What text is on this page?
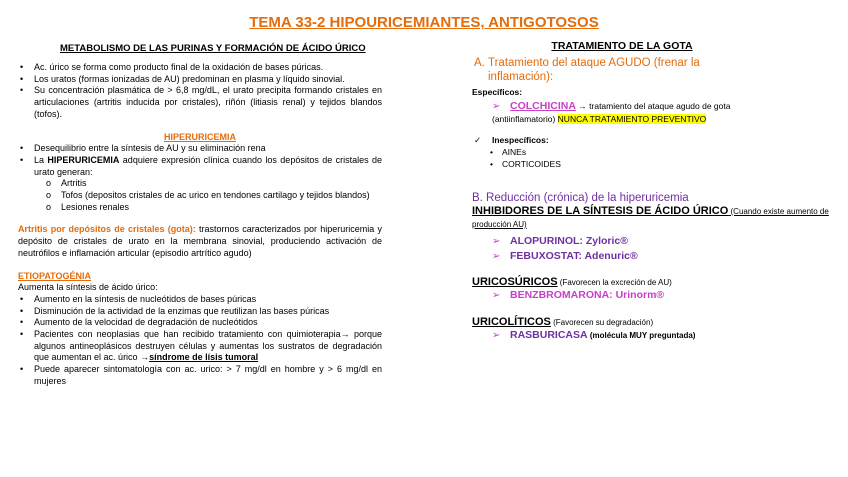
TEMA 33-2 HIPOURICEMIANTES, ANTIGOTOSOS
METABOLISMO DE LAS PURINAS Y FORMACIÓN DE ÁCIDO ÚRICO
• Ac. úrico se forma como producto final de la oxidación de bases púricas.
• Los uratos (formas ionizadas de AU) predominan en plasma y líquido sinovial.
• Su concentración plasmática de > 6,8 mg/dL, el urato precipita formando cristales en articulaciones (artritis inducida por cristales), riñón (litiasis renal) y tejidos blandos (tofos).

HIPERURICEMIA

• Desequilibrio entre la síntesis de AU y su eliminación rena
• La HIPERURICEMIA adquiere expresión clínica cuando los depósitos de cristales de urato generan:
o Artritis
o Tofos (depositos cristales de ac urico en tendones cartilago y tejidos blandos)
o Lesiones renales

Artritis por depósitos de cristales (gota): trastornos caracterizados por hiperuricemia y depósito de cristales de urato en la membrana sinovial, produciendo activación de neutrófilos e inflamación articular (episodio artrítico agudo)

ETIOPATOGÉNIA

Aumenta la síntesis de ácido úrico:

• Aumento en la síntesis de nucleótidos de bases púricas
• Disminución de la actividad de la enzimas que reutilizan las bases púricas
• Aumento de la velocidad de degradación de nucleótidos
• Pacientes con neoplasias que han recibido tratamiento con quimioterapia→ porque algunos antineoplásicos destruyen células y aumentas los sustratos de degradación que aumentan el ac. úrico →síndrome de lísis tumoral
• Puede aparecer sintomatología con ac. urico: > 7 mg/dl en hombre y > 6 mg/dl en mujeres
TRATAMIENTO DE LA GOTA
A. Tratamiento del ataque AGUDO (frenar la inflamación):

Específicos:

➢ COLCHICINA → tratamiento del ataque agudo de gota (antiinflamatorio) NUNCA TRATAMIENTO PREVENTIVO
✓ Inespecíficos:
• AINEs
• CORTICOIDES

B. Reducción (crónica) de la hiperuricemia

INHIBIDORES DE LA SÍNTESIS DE ÁCIDO ÚRICO (Cuando existe aumento de producción AU)

➢ ALOPURINOL: Zyloric®
➢ FEBUXOSTAT: Adenuric®

URICOSÚRICOS (Favorecen la excreción de AU)

➢ BENZBROMARONA: Urinorm®

URICOLÍTICOS (Favorecen su degradación)

➢ RASBURICASA (molécula MUY preguntada)
